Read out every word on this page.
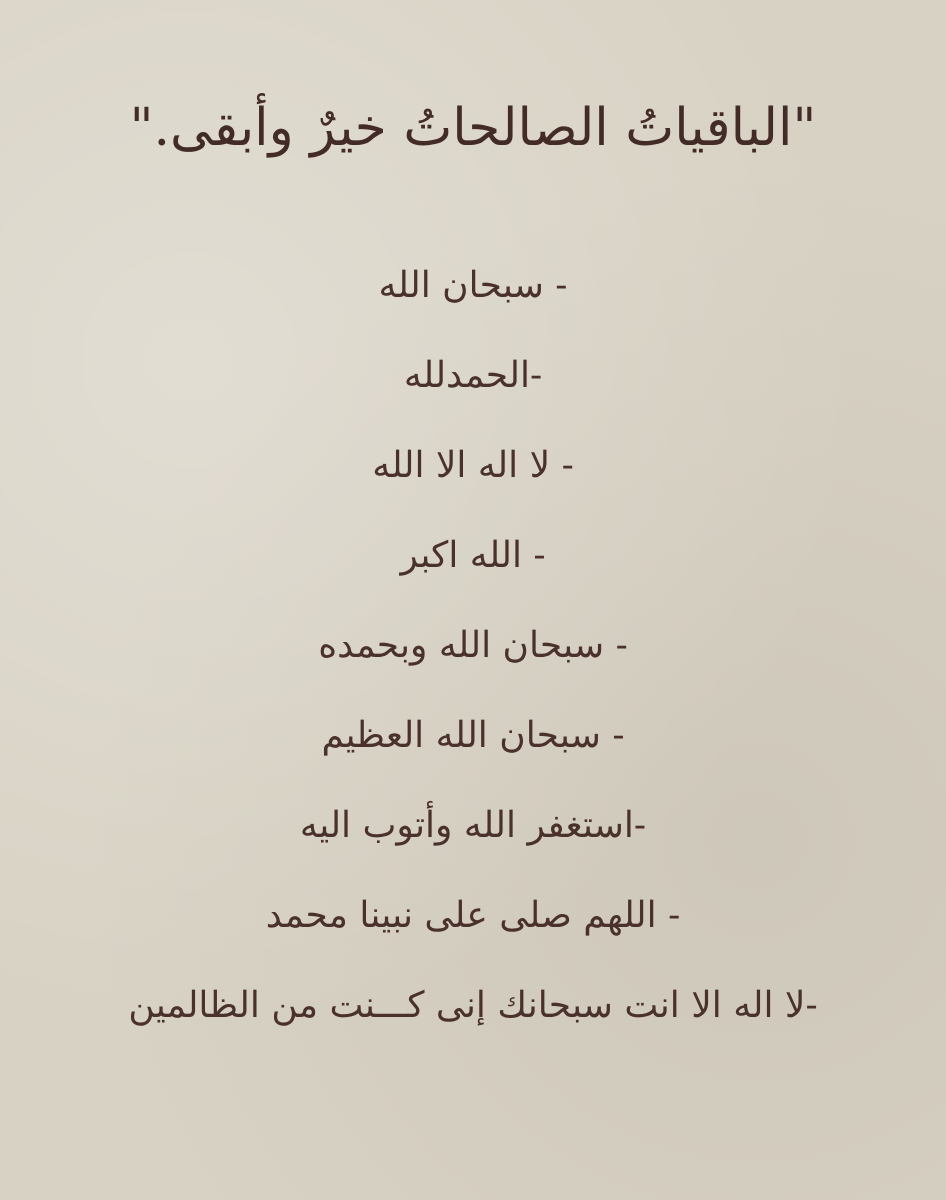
"الباقياتُ الصالحاتُ خيرٌ وأبقى."
- سبحان الله
-الحمدلله
- لا اله الا الله
- الله اكبر
- سبحان الله وبحمده
- سبحان الله العظيم
-استغفر الله وأتوب اليه
- اللهم صلى على نبينا محمد
-لا اله الا انت سبحانك إنى كـــنت من الظالمين
